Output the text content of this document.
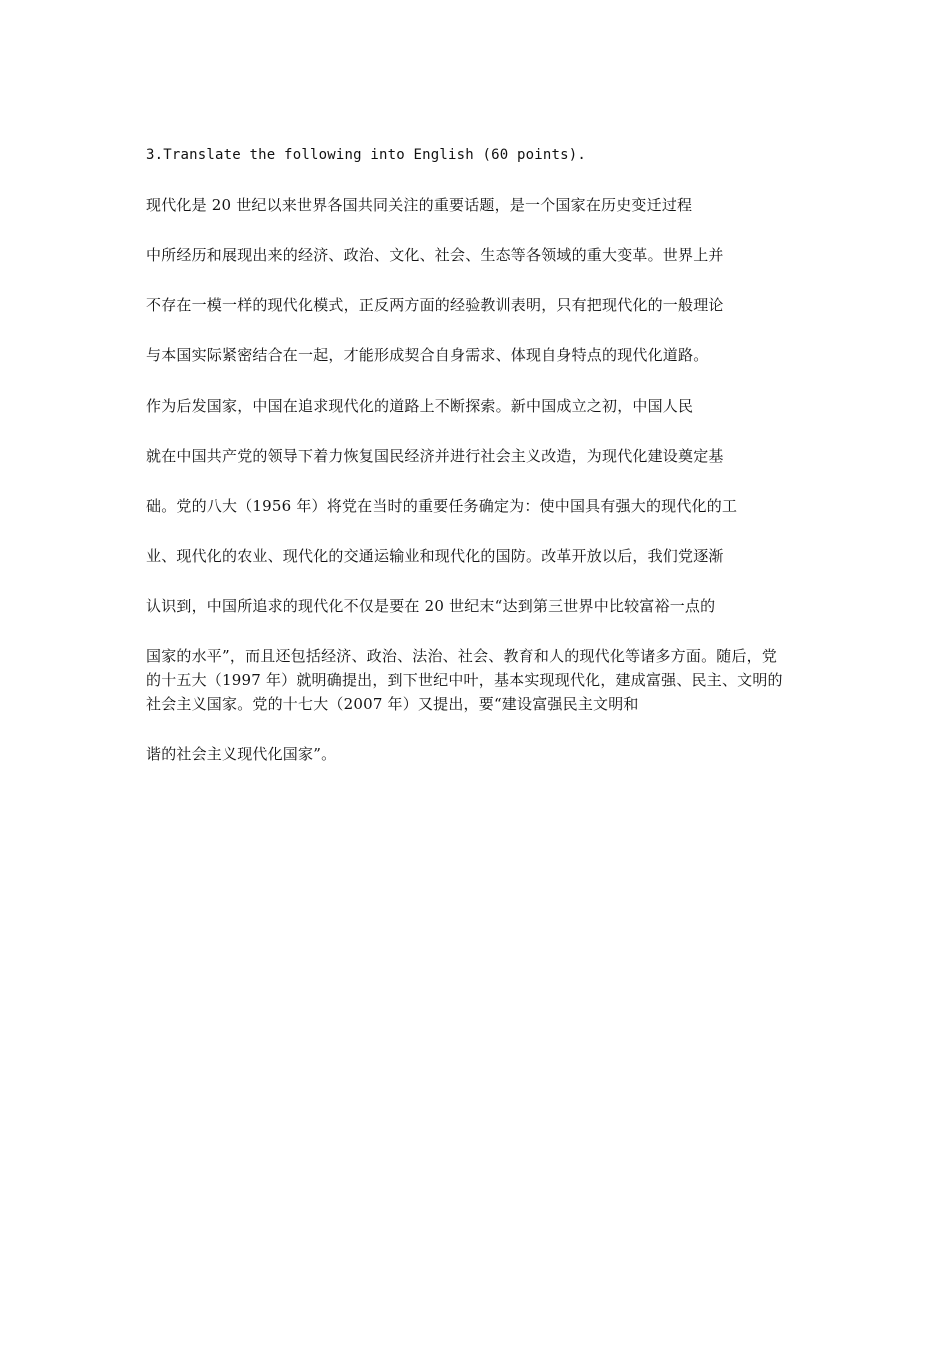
3.Translate the following into English (60 points).
现代化是 20 世纪以来世界各国共同关注的重要话题，是一个国家在历史变迁过程
中所经历和展现出来的经济、政治、文化、社会、生态等各领域的重大变革。世界上并
不存在一模一样的现代化模式，正反两方面的经验教训表明，只有把现代化的一般理论
与本国实际紧密结合在一起，才能形成契合自身需求、体现自身特点的现代化道路。
作为后发国家，中国在追求现代化的道路上不断探索。新中国成立之初，中国人民
就在中国共产党的领导下着力恢复国民经济并进行社会主义改造，为现代化建设奠定基
础。党的八大（1956 年）将党在当时的重要任务确定为：使中国具有强大的现代化的工
业、现代化的农业、现代化的交通运输业和现代化的国防。改革开放以后，我们党逐渐
认识到，中国所追求的现代化不仅是要在 20 世纪末“达到第三世界中比较富裕一点的
国家的水平”，而且还包括经济、政治、法治、社会、教育和人的现代化等诸多方面。随后，党
的十五大（1997 年）就明确提出，到下世纪中叶，基本实现现代化，建成富强、民主、文明的
社会主义国家。党的十七大（2007 年）又提出，要“建设富强民主文明和
谐的社会主义现代化国家”。
